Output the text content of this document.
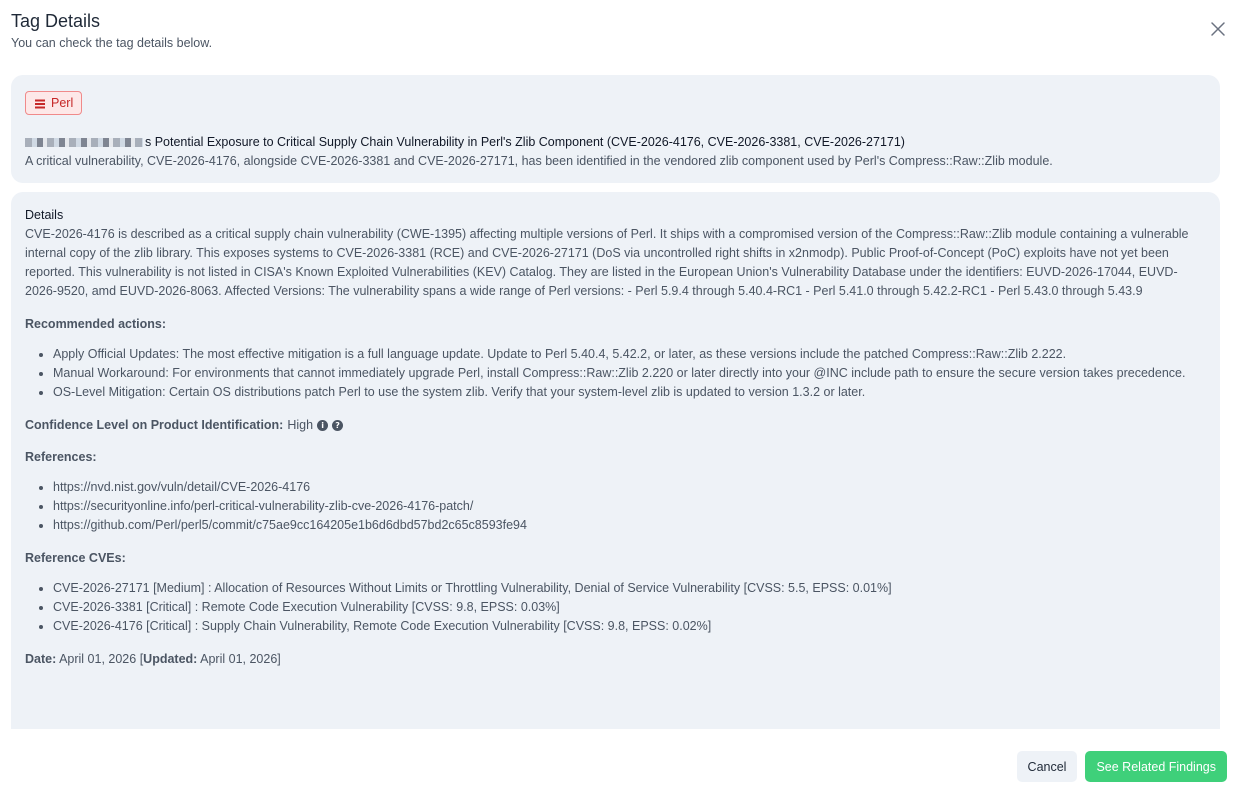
Tag Details
You can check the tag details below.
Perl
s Potential Exposure to Critical Supply Chain Vulnerability in Perl's Zlib Component (CVE-2026-4176, CVE-2026-3381, CVE-2026-27171)
A critical vulnerability, CVE-2026-4176, alongside CVE-2026-3381 and CVE-2026-27171, has been identified in the vendored zlib component used by Perl's Compress::Raw::Zlib module.
Details

CVE-2026-4176 is described as a critical supply chain vulnerability (CWE-1395) affecting multiple versions of Perl. It ships with a compromised version of the Compress::Raw::Zlib module containing a vulnerable internal copy of the zlib library. This exposes systems to CVE-2026-3381 (RCE) and CVE-2026-27171 (DoS via uncontrolled right shifts in x2nmodp). Public Proof-of-Concept (PoC) exploits have not yet been reported. This vulnerability is not listed in CISA's Known Exploited Vulnerabilities (KEV) Catalog. They are listed in the European Union's Vulnerability Database under the identifiers: EUVD-2026-17044, EUVD-2026-9520, amd EUVD-2026-8063. Affected Versions: The vulnerability spans a wide range of Perl versions: - Perl 5.9.4 through 5.40.4-RC1 - Perl 5.41.0 through 5.42.2-RC1 - Perl 5.43.0 through 5.43.9

Recommended actions:
• Apply Official Updates: The most effective mitigation is a full language update. Update to Perl 5.40.4, 5.42.2, or later, as these versions include the patched Compress::Raw::Zlib 2.222.
• Manual Workaround: For environments that cannot immediately upgrade Perl, install Compress::Raw::Zlib 2.220 or later directly into your @INC include path to ensure the secure version takes precedence.
• OS-Level Mitigation: Certain OS distributions patch Perl to use the system zlib. Verify that your system-level zlib is updated to version 1.3.2 or later.
Confidence Level on Product Identification: High	i	?
References:
• https://nvd.nist.gov/vuln/detail/CVE-2026-4176
• https://securityonline.info/perl-critical-vulnerability-zlib-cve-2026-4176-patch/
• https://github.com/Perl/perl5/commit/c75ae9cc164205e1b6d6dbd57bd2c65c8593fe94
Reference CVEs:
• CVE-2026-27171 [Medium] : Allocation of Resources Without Limits or Throttling Vulnerability, Denial of Service Vulnerability [CVSS: 5.5, EPSS: 0.01%]
• CVE-2026-3381 [Critical] : Remote Code Execution Vulnerability [CVSS: 9.8, EPSS: 0.03%]
• CVE-2026-4176 [Critical] : Supply Chain Vulnerability, Remote Code Execution Vulnerability [CVSS: 9.8, EPSS: 0.02%]
Date: April 01, 2026 [Updated: April 01, 2026]
Cancel	See Related Findings
